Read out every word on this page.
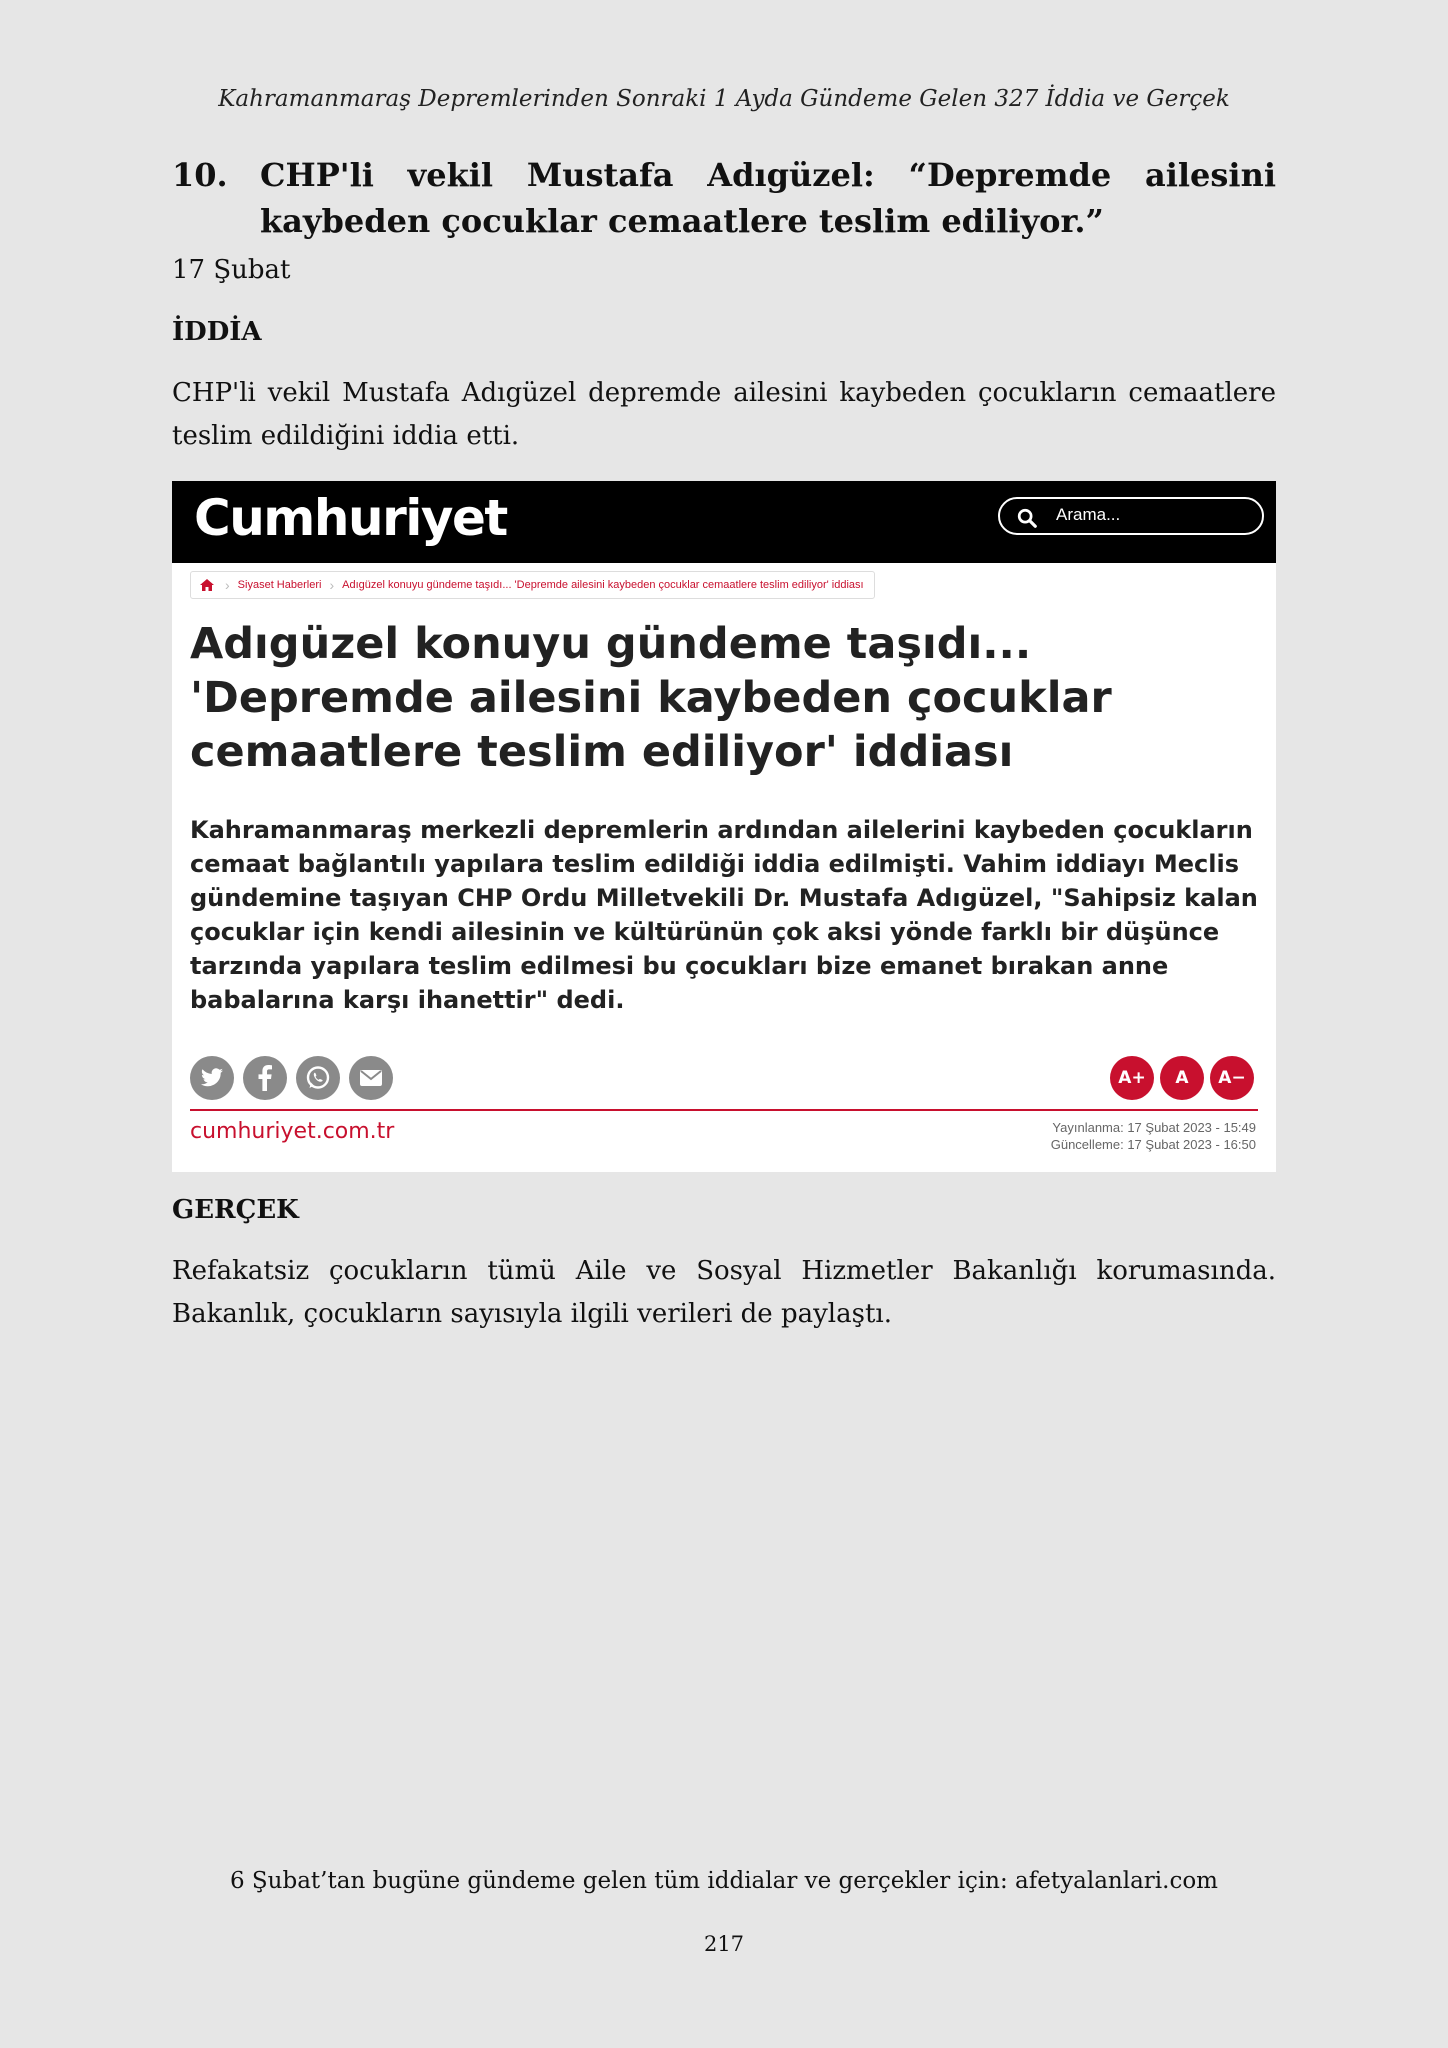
Kahramanmaraş Depremlerinden Sonraki 1 Ayda Gündeme Gelen 327 İddia ve Gerçek
10.	CHP'li vekil Mustafa Adıgüzel: “Depremde ailesini kaybeden çocuklar cemaatlere teslim ediliyor.”
17 Şubat
İDDİA
CHP'li vekil Mustafa Adıgüzel depremde ailesini kaybeden çocukların cemaatlere teslim edildiğini iddia etti.
Cumhuriyet	Arama...
› Siyaset Haberleri › Adıgüzel konuyu gündeme taşıdı... 'Depremde ailesini kaybeden çocuklar cemaatlere teslim ediliyor' iddiası
Adıgüzel konuyu gündeme taşıdı... 'Depremde ailesini kaybeden çocuklar cemaatlere teslim ediliyor' iddiası
Kahramanmaraş merkezli depremlerin ardından ailelerini kaybeden çocukların cemaat bağlantılı yapılara teslim edildiği iddia edilmişti. Vahim iddiayı Meclis gündemine taşıyan CHP Ordu Milletvekili Dr. Mustafa Adıgüzel, "Sahipsiz kalan çocuklar için kendi ailesinin ve kültürünün çok aksi yönde farklı bir düşünce tarzında yapılara teslim edilmesi bu çocukları bize emanet bırakan anne babalarına karşı ihanettir" dedi.
A+	A	A−
cumhuriyet.com.tr	Yayınlanma: 17 Şubat 2023 - 15:49
Güncelleme: 17 Şubat 2023 - 16:50
GERÇEK
Refakatsiz çocukların tümü Aile ve Sosyal Hizmetler Bakanlığı korumasında. Bakanlık, çocukların sayısıyla ilgili verileri de paylaştı.
6 Şubat’tan bugüne gündeme gelen tüm iddialar ve gerçekler için: afetyalanlari.com
217
